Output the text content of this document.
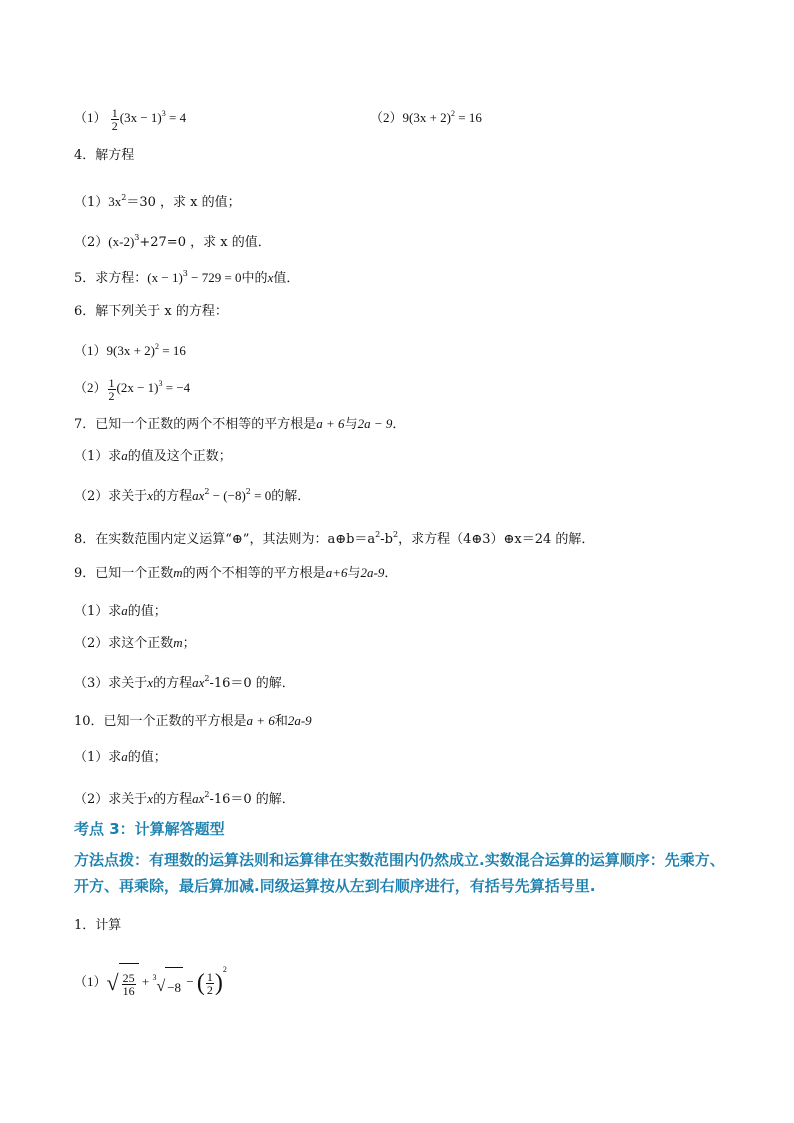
$(1) \frac{1}{2} (3x - 1)^3 = 4$	$(2)9(3x + 2)^2 = 16$
4．解方程
$(1)3x^2=30$ ，求 x 的值；
$(2)(x-2)^3+27=0$ ，求 x 的值．
5．求方程：$(x - 1)^3 - 729 = 0$中的x值．
6．解下列关于 x 的方程：
$(1)9(3x + 2)^2 = 16$
$(2) \frac{1}{2} (2x - 1)^3 = -4$
7．已知一个正数的两个不相等的平方根是a + 6与2a − 9．
（1）求a的值及这个正数；
（2）求关于x的方程$ax^2 - (-8)^2 = 0$的解．
8．在实数范围内定义运算“⊕”，其法则为：$a\oplus b=a^2-b^2$，求方程（4⊕3）⊕x＝24 的解．
9．已知一个正数m的两个不相等的平方根是a+6与2a-9．
（1）求a的值；
（2）求这个正数m；
（3）求关于x的方程$ax^2-16=0$ 的解．
10．已知一个正数的平方根是a + 6和2a-9
（1）求a的值；
（2）求关于x的方程$ax^2-16=0$ 的解．
考点 3：计算解答题型
方法点拨：有理数的运算法则和运算律在实数范围内仍然成立.实数混合运算的运算顺序：先乘方、开方、再乘除，最后算加减.同级运算按从左到右顺序进行，有括号先算括号里.
1．计算
$(1)√ \frac{25}{16} + ^3√ -8$ − ( $\frac{1}{2} )^2$
